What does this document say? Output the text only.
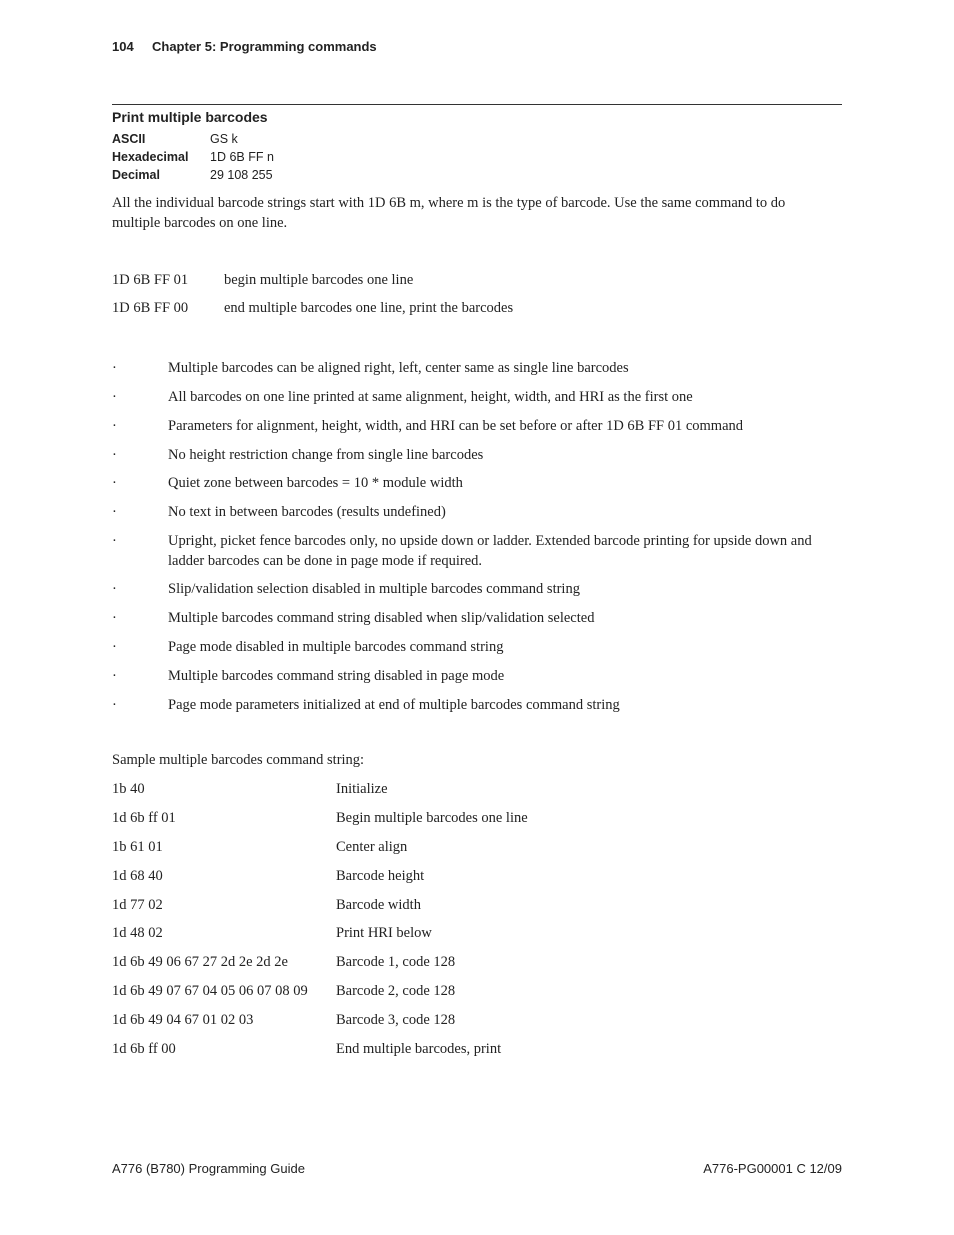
104 Chapter 5: Programming commands
Print multiple barcodes
ASCII	GS k
Hexadecimal 1D 6B FF n
Decimal	29 108 255
All the individual barcode strings start with 1D 6B m, where m is the type of barcode. Use the same command to do multiple barcodes on one line.
1D 6B FF 01 begin multiple barcodes one line
1D 6B FF 00 end multiple barcodes one line, print the barcodes
·	Multiple barcodes can be aligned right, left, center same as single line barcodes
·	All barcodes on one line printed at same alignment, height, width, and HRI as the first one
·	Parameters for alignment, height, width, and HRI can be set before or after 1D 6B FF 01 command
·	No height restriction change from single line barcodes
·	Quiet zone between barcodes = 10 * module width
·	No text in between barcodes (results undefined)
·	Upright, picket fence barcodes only, no upside down or ladder. Extended barcode printing for upside down and ladder barcodes can be done in page mode if required.
·	Slip/validation selection disabled in multiple barcodes command string
·	Multiple barcodes command string disabled when slip/validation selected
·	Page mode disabled in multiple barcodes command string
·	Multiple barcodes command string disabled in page mode
·	Page mode parameters initialized at end of multiple barcodes command string
Sample multiple barcodes command string:
1b 40	Initialize
1d 6b ff 01	Begin multiple barcodes one line
1b 61 01	Center align
1d 68 40	Barcode height
1d 77 02	Barcode width
1d 48 02	Print HRI below
1d 6b 49 06 67 27 2d 2e 2d 2e	Barcode 1, code 128
1d 6b 49 07 67 04 05 06 07 08 09 Barcode 2, code 128
1d 6b 49 04 67 01 02 03	Barcode 3, code 128
1d 6b ff 00	End multiple barcodes, print
A776 (B780) Programming Guide	A776-PG00001 C 12/09
